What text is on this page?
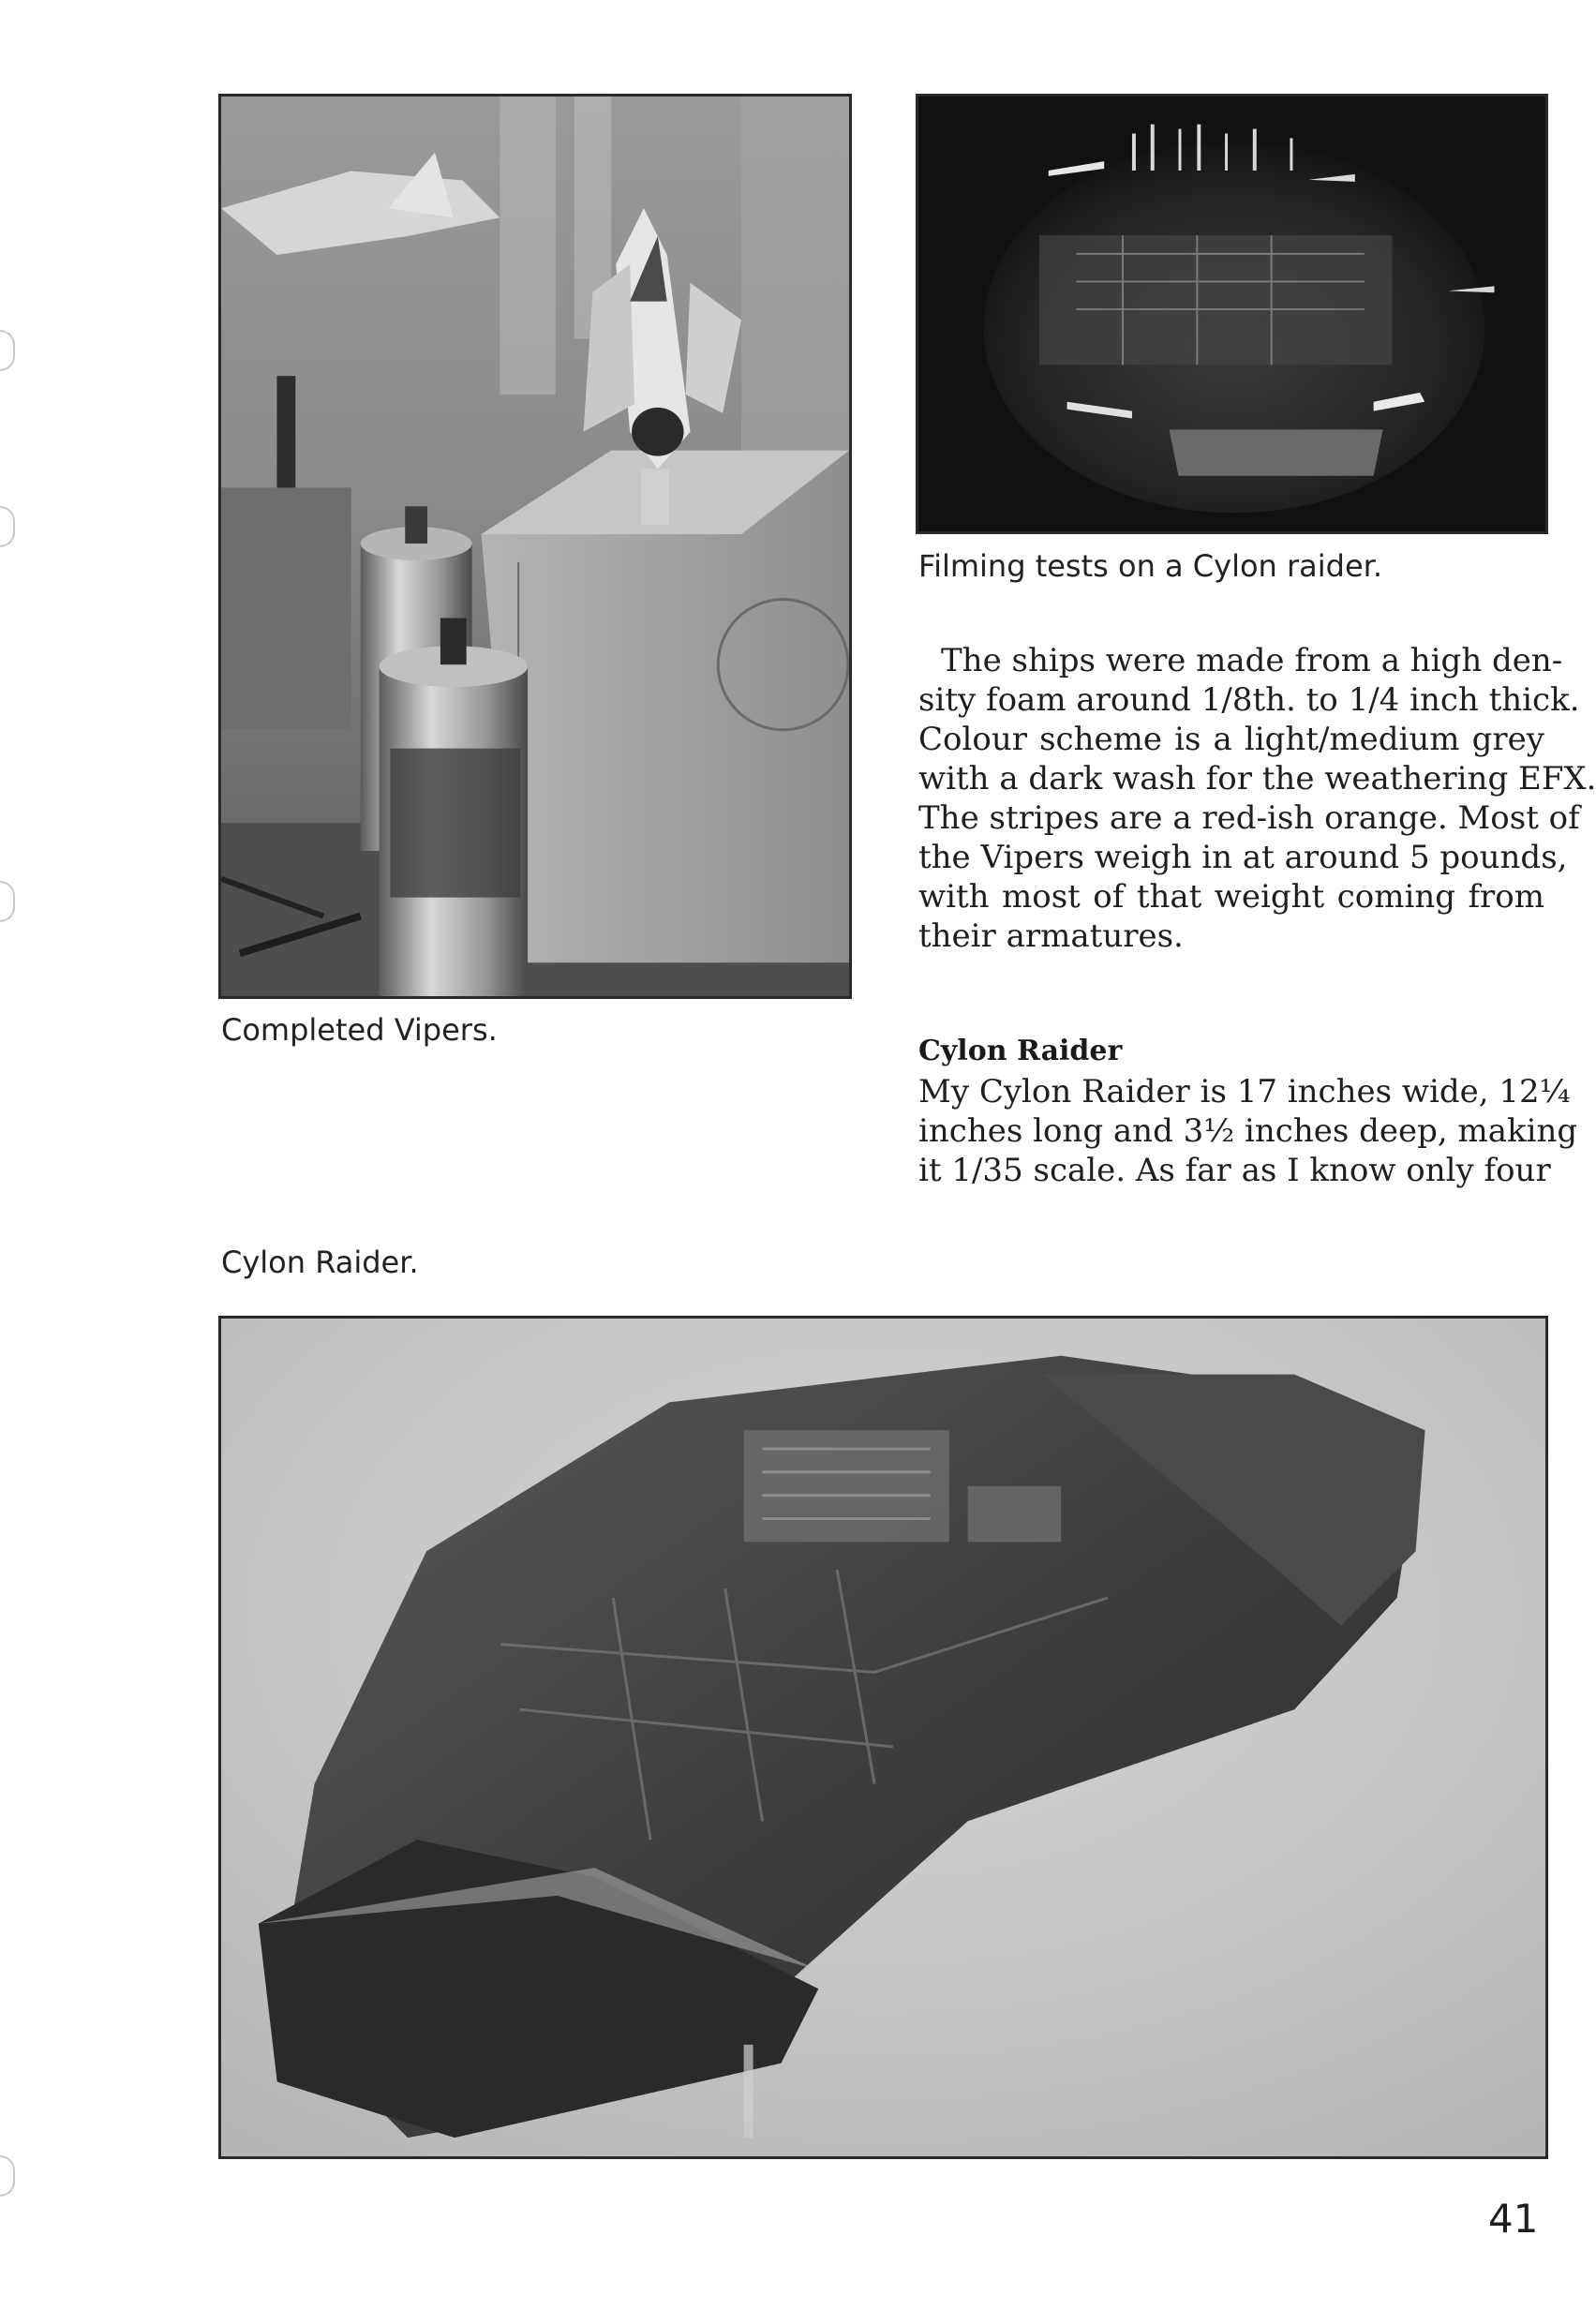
Completed Vipers.
Filming tests on a Cylon raider.
Cylon Raider.
The ships were made from a high den-
sity foam around 1/8th. to 1/4 inch thick.
Colour scheme is a light/medium grey
with a dark wash for the weathering EFX.
The stripes are a red-ish orange. Most of
the Vipers weigh in at around 5 pounds,
with most of that weight coming from
their armatures.
Cylon Raider
My Cylon Raider is 17 inches wide, 12¼
inches long and 3½ inches deep, making
it 1/35 scale. As far as I know only four
41
